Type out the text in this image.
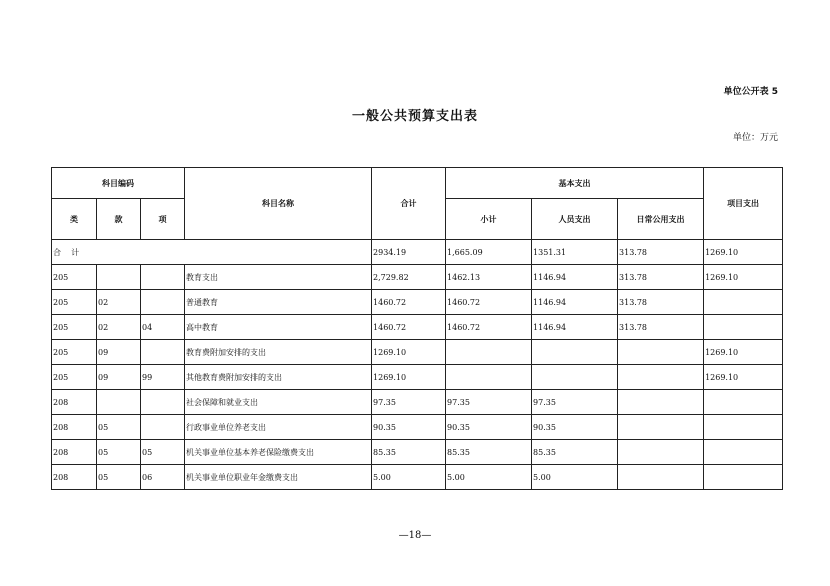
单位公开表 5
一般公共预算支出表
单位：万元
科目编码			科目名称	合计	基本支出			项目支出
类	款	项			小计	人员支出	日常公用支出	
合    计				2934.19	1,665.09	1351.31	313.78	1269.10
205			教育支出	2,729.82	1462.13	1146.94	313.78	1269.10
205	02		普通教育	1460.72	1460.72	1146.94	313.78	
205	02	04	高中教育	1460.72	1460.72	1146.94	313.78	
205	09		教育费附加安排的支出	1269.10				1269.10
205	09	99	其他教育费附加安排的支出	1269.10				1269.10
208			社会保障和就业支出	97.35	97.35	97.35		
208	05		行政事业单位养老支出	90.35	90.35	90.35		
208	05	05	机关事业单位基本养老保险缴费支出	85.35	85.35	85.35		
208	05	06	机关事业单位职业年金缴费支出	5.00	5.00	5.00		
—18—
